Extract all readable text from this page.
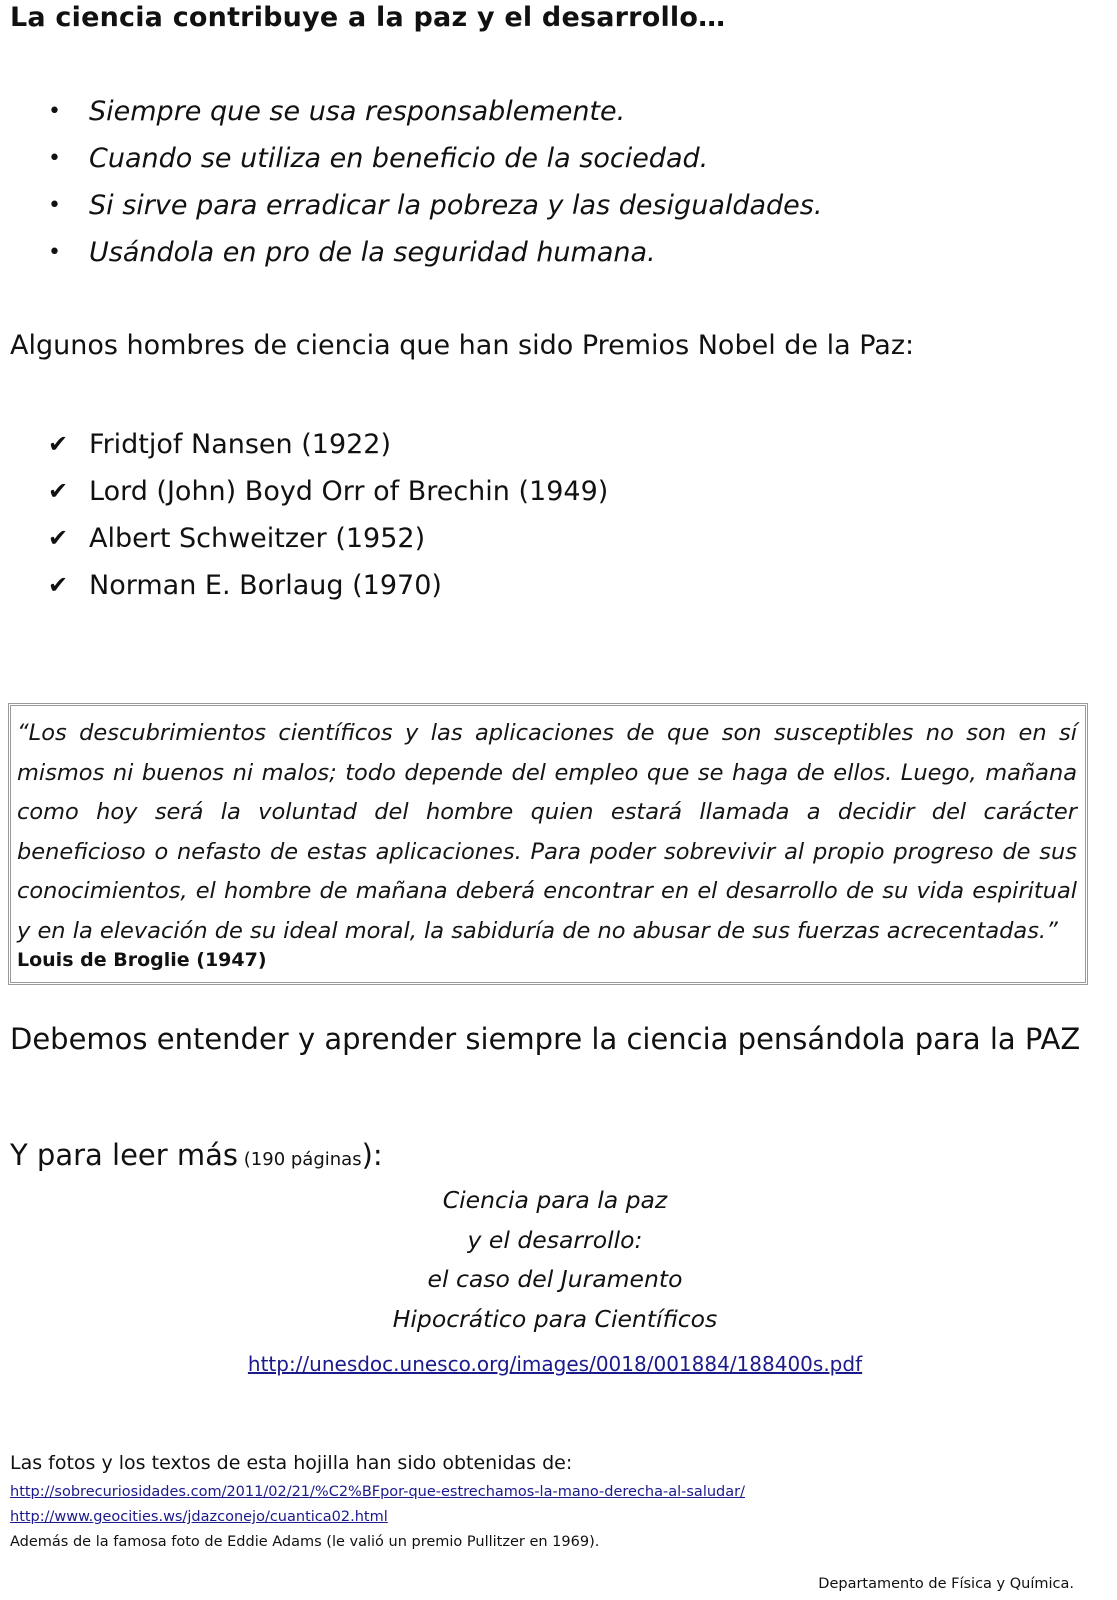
La ciencia contribuye a la paz y el desarrollo…
• Siempre que se usa responsablemente.
• Cuando se utiliza en beneficio de la sociedad.
• Si sirve para erradicar la pobreza y las desigualdades.
• Usándola en pro de la seguridad humana.
Algunos hombres de ciencia que han sido Premios Nobel de la Paz:
✔ Fridtjof Nansen (1922)
✔ Lord (John) Boyd Orr of Brechin (1949)
✔ Albert Schweitzer (1952)
✔ Norman E. Borlaug (1970)
“Los descubrimientos científicos y las aplicaciones de que son susceptibles no son en sí mismos ni buenos ni malos; todo depende del empleo que se haga de ellos. Luego, mañana como hoy será la voluntad del hombre quien estará llamada a decidir del carácter beneficioso o nefasto de estas aplicaciones. Para poder sobrevivir al propio progreso de sus conocimientos, el hombre de mañana deberá encontrar en el desarrollo de su vida espiritual y en la elevación de su ideal moral, la sabiduría de no abusar de sus fuerzas acrecentadas.”
Louis de Broglie (1947)
Debemos entender y aprender siempre la ciencia pensándola para la PAZ
Y para leer más (190 páginas):
Ciencia para la paz
y el desarrollo:
el caso del Juramento
Hipocrático para Científicos
http://unesdoc.unesco.org/images/0018/001884/188400s.pdf
Las fotos y los textos de esta hojilla han sido obtenidas de:
http://sobrecuriosidades.com/2011/02/21/%C2%BFpor-que-estrechamos-la-mano-derecha-al-saludar/
http://www.geocities.ws/jdazconejo/cuantica02.html
Además de la famosa foto de Eddie Adams (le valió un premio Pullitzer en 1969).
Departamento de Física y Química.
